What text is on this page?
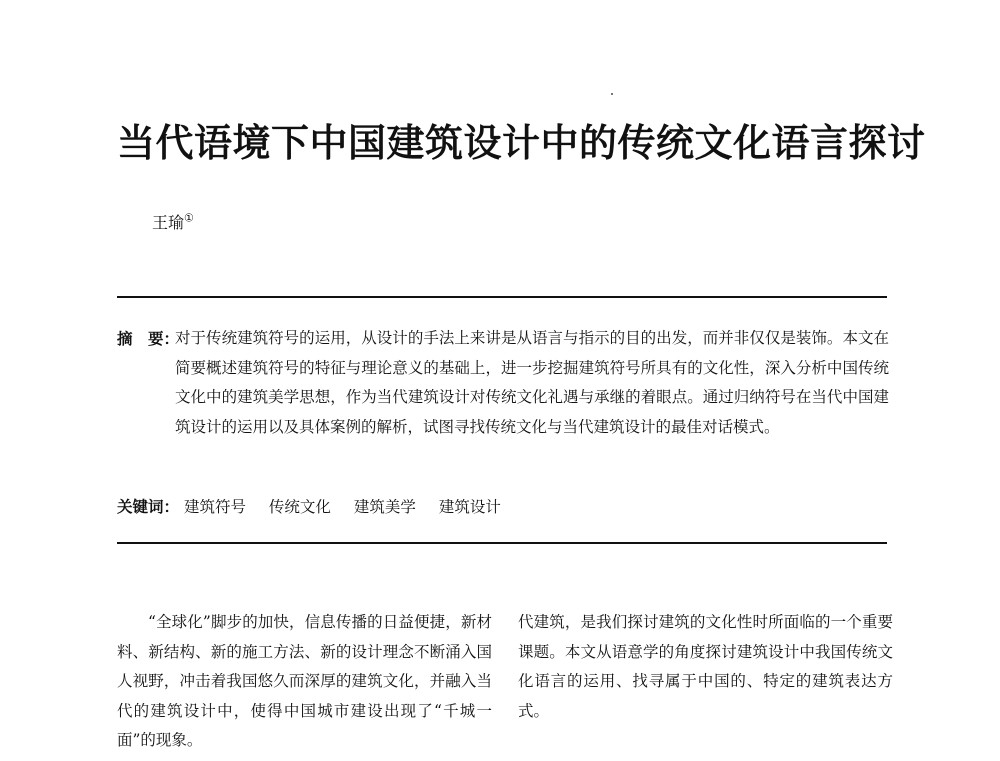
当代语境下中国建筑设计中的传统文化语言探讨
王瑜①
摘　要：
对于传统建筑符号的运用，从设计的手法上来讲是从语言与指示的目的出发，而并非仅仅是装饰。本文在简要概述建筑符号的特征与理论意义的基础上，进一步挖掘建筑符号所具有的文化性，深入分析中国传统文化中的建筑美学思想，作为当代建筑设计对传统文化礼遇与承继的着眼点。通过归纳符号在当代中国建筑设计的运用以及具体案例的解析，试图寻找传统文化与当代建筑设计的最佳对话模式。
关键词： 建筑符号 传统文化 建筑美学 建筑设计
“全球化”脚步的加快，信息传播的日益便捷，新材料、新结构、新的施工方法、新的设计理念不断涌入国人视野，冲击着我国悠久而深厚的建筑文化，并融入当代的建筑设计中，使得中国城市建设出现了“千城一面”的现象。
代建筑，是我们探讨建筑的文化性时所面临的一个重要课题。本文从语意学的角度探讨建筑设计中我国传统文化语言的运用、找寻属于中国的、特定的建筑表达方式。
